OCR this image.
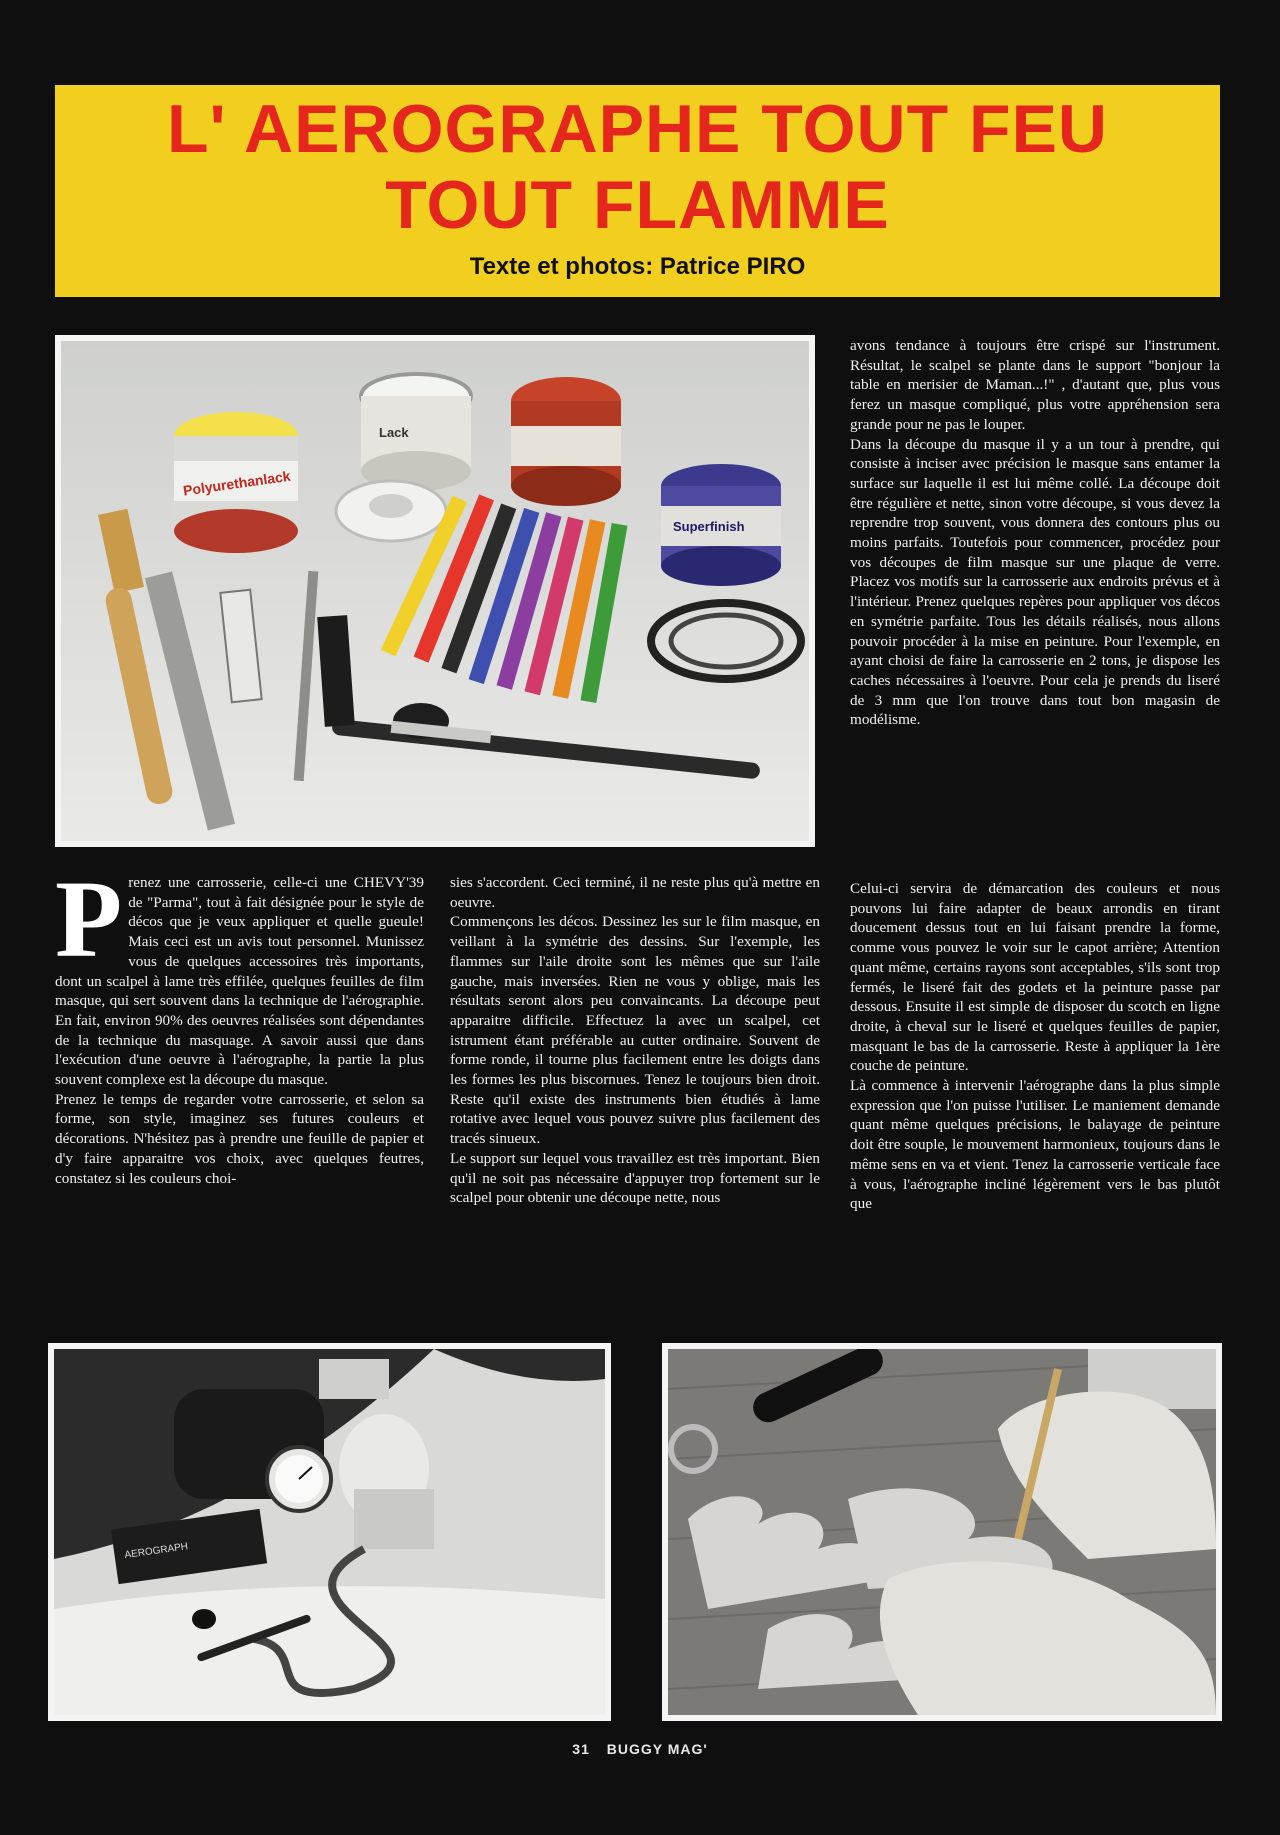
L' AEROGRAPHE TOUT FEU

TOUT FLAMME

Texte et photos: Patrice PIRO
Polyurethanlack
Lack
Superfinish
P renez une carrosserie, celle-ci une CHEVY'39 de "Parma", tout à fait désignée pour le style de décos que je veux appliquer et quelle gueule! Mais ceci est un avis tout personnel. Munissez vous de quelques accessoires très importants, dont un scalpel à lame très effilée, quelques feuilles de film masque, qui sert souvent dans la technique de l'aérographie. En fait, environ 90% des oeuvres réalisées sont dépendantes de la technique du masquage. A savoir aussi que dans l'exécution d'une oeuvre à l'aérographe, la partie la plus souvent complexe est la découpe du masque.

Prenez le temps de regarder votre carrosserie, et selon sa forme, son style, imaginez ses futures couleurs et décorations. N'hésitez pas à prendre une feuille de papier et d'y faire apparaitre vos choix, avec quelques feutres, constatez si les couleurs choi-

sies s'accordent. Ceci terminé, il ne reste plus qu'à mettre en oeuvre.

Commençons les décos. Dessinez les sur le film masque, en veillant à la symétrie des dessins. Sur l'exemple, les flammes sur l'aile droite sont les mêmes que sur l'aile gauche, mais inversées. Rien ne vous y oblige, mais les résultats seront alors peu convaincants. La découpe peut apparaitre difficile. Effectuez la avec un scalpel, cet istrument étant préférable au cutter ordinaire. Souvent de forme ronde, il tourne plus facilement entre les doigts dans les formes les plus biscornues. Tenez le toujours bien droit. Reste qu'il existe des instruments bien étudiés à lame rotative avec lequel vous pouvez suivre plus facilement des tracés sinueux.

Le support sur lequel vous travaillez est très important. Bien qu'il ne soit pas nécessaire d'appuyer trop fortement sur le scalpel pour obtenir une découpe nette, nous

avons tendance à toujours être crispé sur l'instrument. Résultat, le scalpel se plante dans le support "bonjour la table en merisier de Maman...!" , d'autant que, plus vous ferez un masque compliqué, plus votre appréhension sera grande pour ne pas le louper.

Dans la découpe du masque il y a un tour à prendre, qui consiste à inciser avec précision le masque sans entamer la surface sur laquelle il est lui même collé. La découpe doit être régulière et nette, sinon votre découpe, si vous devez la reprendre trop souvent, vous donnera des contours plus ou moins parfaits. Toutefois pour commencer, procédez pour vos découpes de film masque sur une plaque de verre. Placez vos motifs sur la carrosserie aux endroits prévus et à l'intérieur. Prenez quelques repères pour appliquer vos décos en symétrie parfaite. Tous les détails réalisés, nous allons pouvoir procéder à la mise en peinture. Pour l'exemple, en ayant choisi de faire la carrosserie en 2 tons, je dispose les caches nécessaires à l'oeuvre. Pour cela je prends du liseré de 3 mm que l'on trouve dans tout bon magasin de modélisme.

Celui-ci servira de démarcation des couleurs et nous pouvons lui faire adapter de beaux arrondis en tirant doucement dessus tout en lui faisant prendre la forme, comme vous pouvez le voir sur le capot arrière; Attention quant même, certains rayons sont acceptables, s'ils sont trop fermés, le liseré fait des godets et la peinture passe par dessous. Ensuite il est simple de disposer du scotch en ligne droite, à cheval sur le liseré et quelques feuilles de papier, masquant le bas de la carrosserie. Reste à appliquer la 1ère couche de peinture.

Là commence à intervenir l'aérographe dans la plus simple expression que l'on puisse l'utiliser. Le maniement demande quant même quelques précisions, le balayage de peinture doit être souple, le mouvement harmonieux, toujours dans le même sens en va et vient. Tenez la carrosserie verticale face à vous, l'aérographe incliné légèrement vers le bas plutôt que

AEROGRAPH
31 BUGGY MAG'
